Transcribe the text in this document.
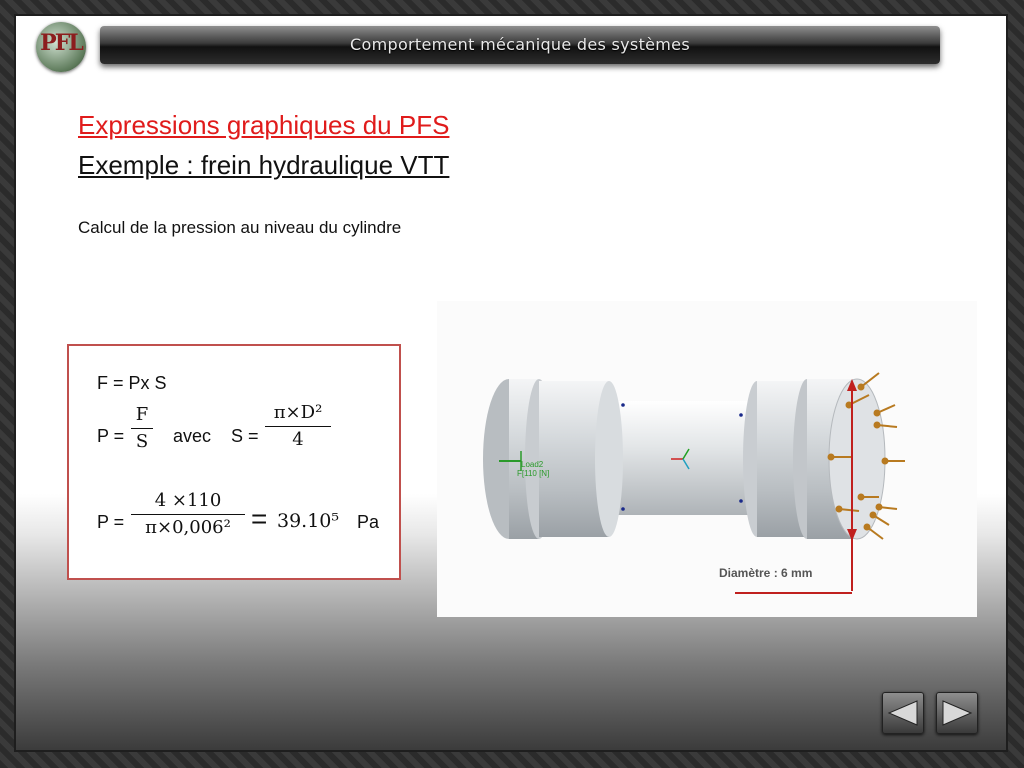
PFL	Comportement mécanique des systèmes
Expressions graphiques du PFS
Exemple : frein hydraulique VTT
Calcul de la pression au niveau du cylindre
F = Px S
P =
F
S avec S =
π×D²
4
P =
4 ×110
π×0,006² = 39.10⁵ Pa
Load2
F[110 [N]
Diamètre : 6 mm
